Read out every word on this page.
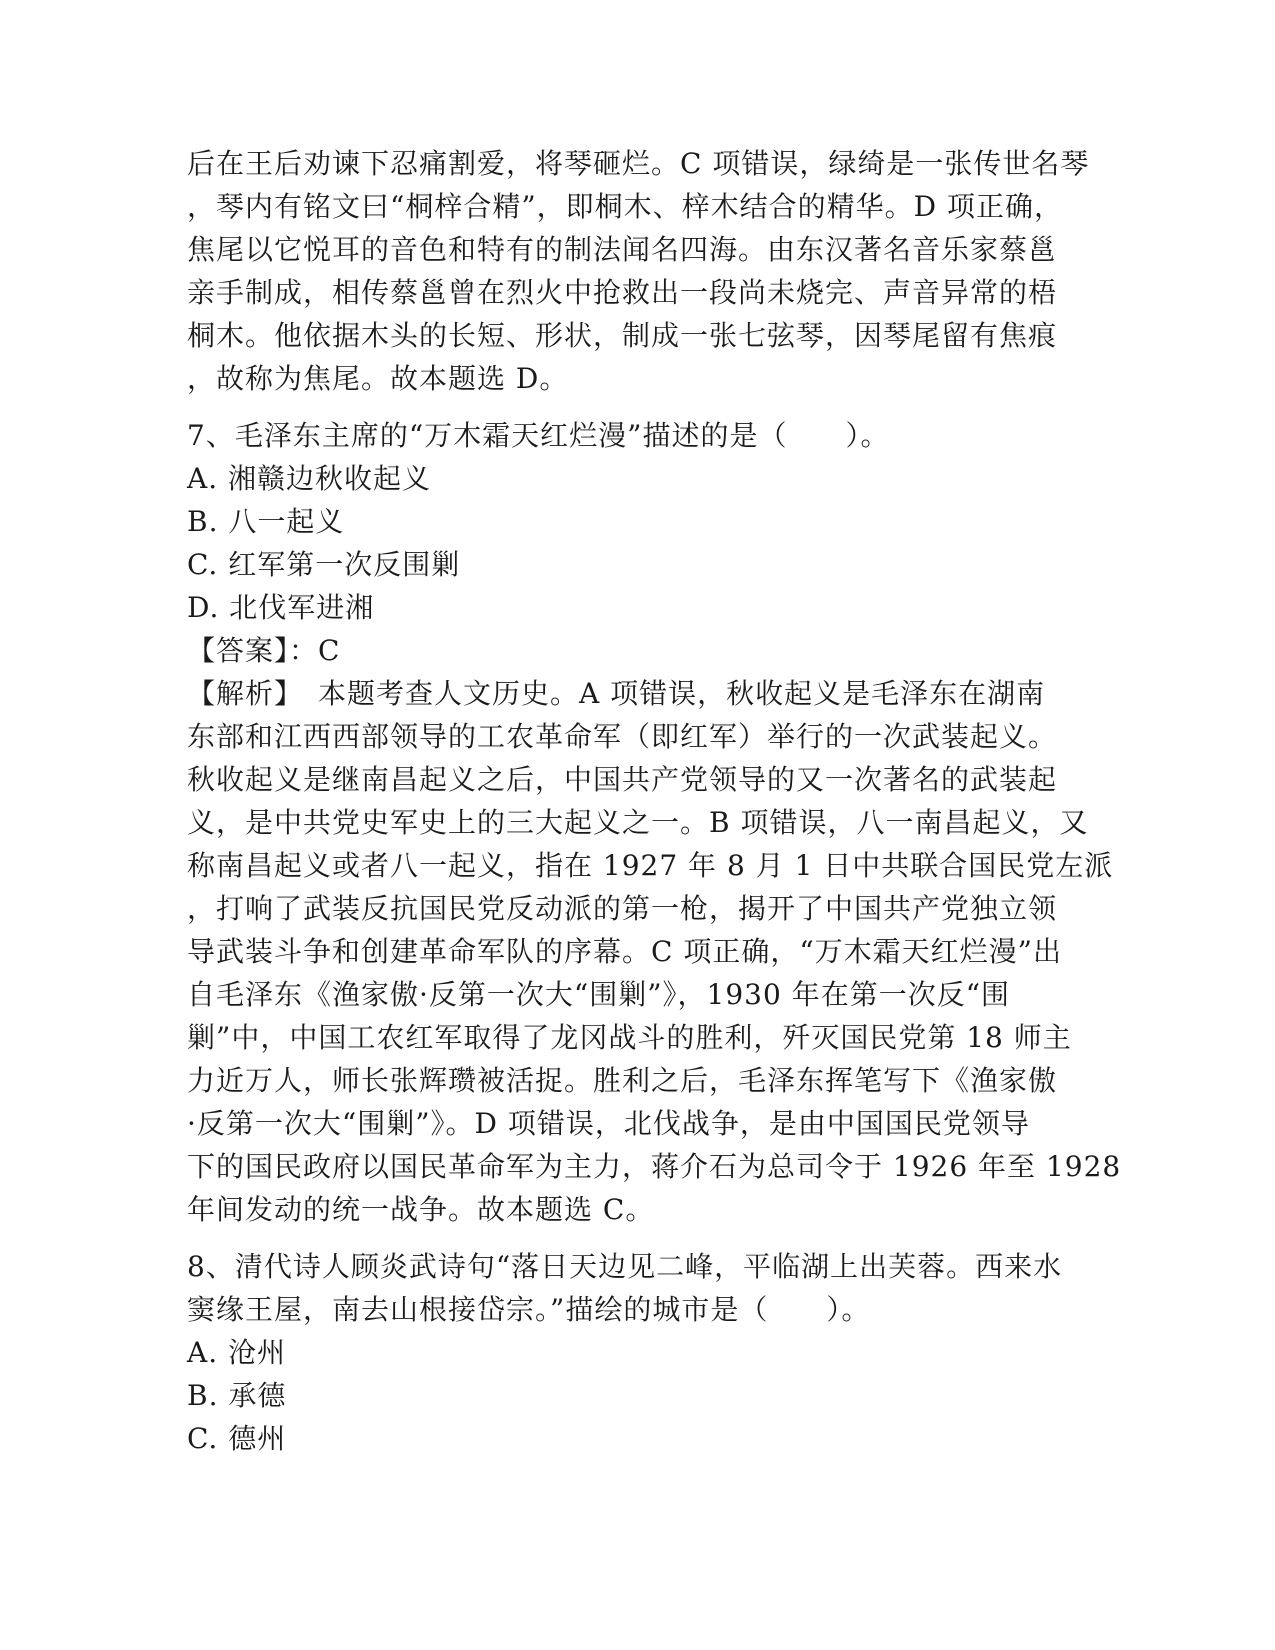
后在王后劝谏下忍痛割爱，将琴砸烂。C 项错误，绿绮是一张传世名琴
，琴内有铭文曰“桐梓合精”，即桐木、梓木结合的精华。D 项正确，
焦尾以它悦耳的音色和特有的制法闻名四海。由东汉著名音乐家蔡邕
亲手制成，相传蔡邕曾在烈火中抢救出一段尚未烧完、声音异常的梧
桐木。他依据木头的长短、形状，制成一张七弦琴，因琴尾留有焦痕
，故称为焦尾。故本题选 D。
7、毛泽东主席的“万木霜天红烂漫”描述的是（　　）。
A. 湘赣边秋收起义
B. 八一起义
C. 红军第一次反围剿
D. 北伐军进湘
【答案】：C
【解析】　本题考查人文历史。A 项错误，秋收起义是毛泽东在湖南
东部和江西西部领导的工农革命军（即红军）举行的一次武装起义。
秋收起义是继南昌起义之后，中国共产党领导的又一次著名的武装起
义，是中共党史军史上的三大起义之一。B 项错误，八一南昌起义，又
称南昌起义或者八一起义，指在 1927 年 8 月 1 日中共联合国民党左派
，打响了武装反抗国民党反动派的第一枪，揭开了中国共产党独立领
导武装斗争和创建革命军队的序幕。C 项正确，“万木霜天红烂漫”出
自毛泽东《渔家傲·反第一次大“围剿”》，1930 年在第一次反“围
剿”中，中国工农红军取得了龙冈战斗的胜利，歼灭国民党第 18 师主
力近万人，师长张辉瓒被活捉。胜利之后，毛泽东挥笔写下《渔家傲
·反第一次大“围剿”》。D 项错误，北伐战争，是由中国国民党领导
下的国民政府以国民革命军为主力，蒋介石为总司令于 1926 年至 1928
年间发动的统一战争。故本题选 C。
8、清代诗人顾炎武诗句“落日天边见二峰，平临湖上出芙蓉。西来水
窦缘王屋，南去山根接岱宗。”描绘的城市是（　　）。
A. 沧州
B. 承德
C. 德州
